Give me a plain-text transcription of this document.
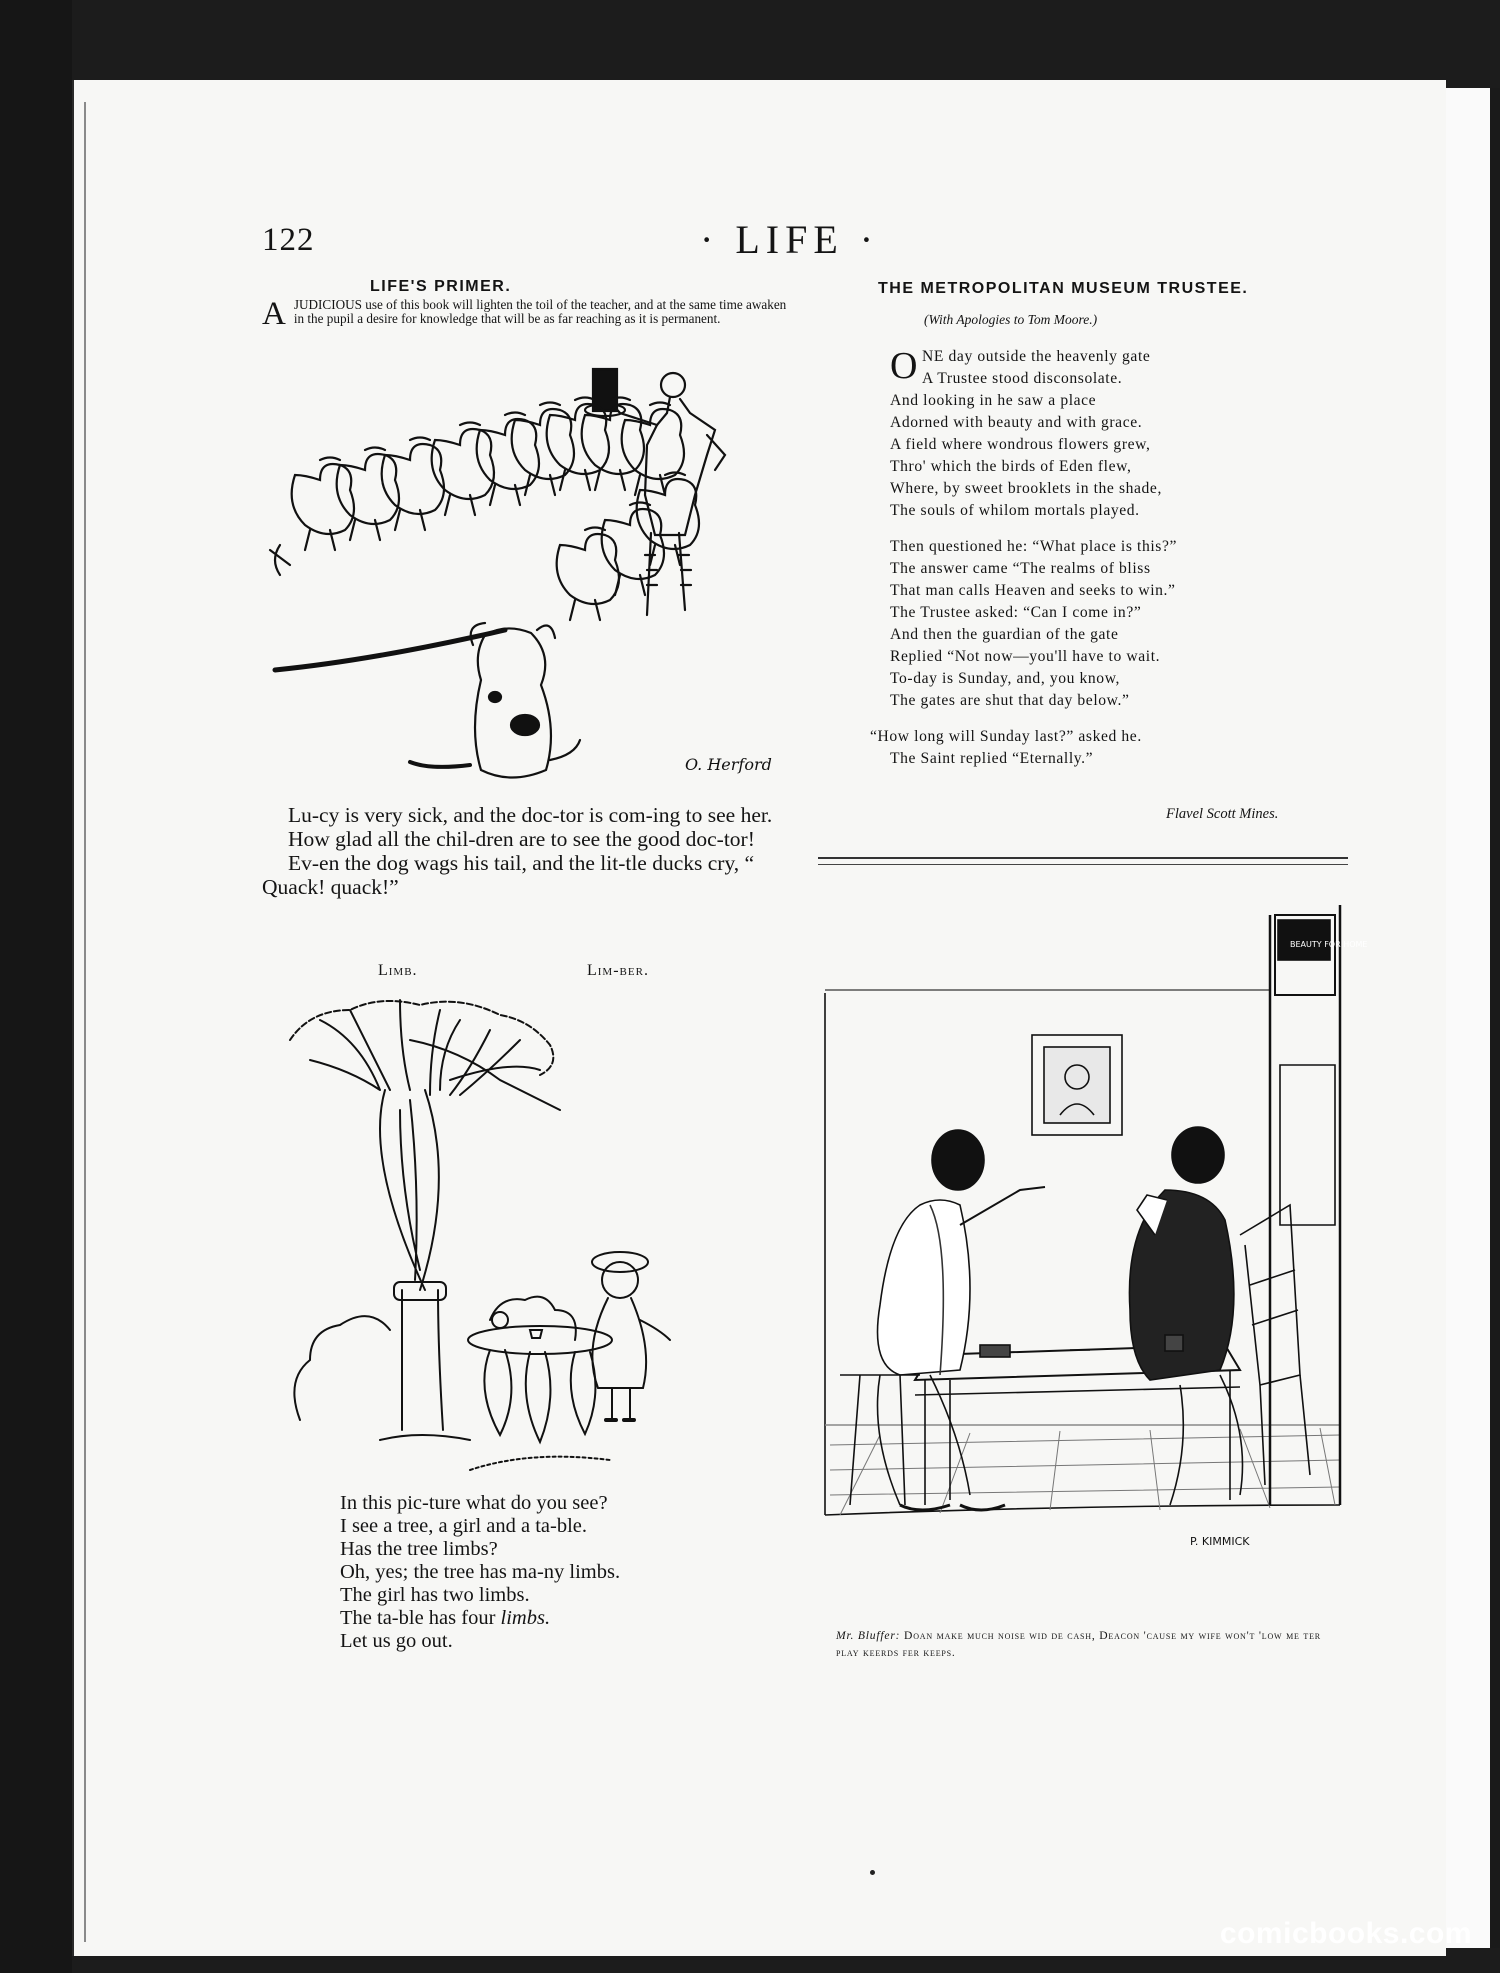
122	· LIFE ·
LIFE'S PRIMER.
A JUDICIOUS use of this book will lighten the toil of the teacher, and at the same time awaken in the pupil a desire for knowledge that will be as far reaching as it is permanent.
O. Herford

Lu-cy is very sick, and the doc-tor is com-ing to see her.

How glad all the chil-dren are to see the good doc-tor!

Ev-en the dog wags his tail, and the lit-tle ducks cry, “ Quack! quack!”

Limb.	Lim-ber.
In this pic-ture what do you see?
I see a tree, a girl and a ta-ble.
Has the tree limbs?
Oh, yes; the tree has ma-ny limbs.
The girl has two limbs.
The ta-ble has four limbs.
Let us go out.
THE METROPOLITAN MUSEUM TRUSTEE.
(With Apologies to Tom Moore.)
O NE day outside the heavenly gate
A Trustee stood disconsolate.
And looking in he saw a place
Adorned with beauty and with grace.
A field where wondrous flowers grew,
Thro' which the birds of Eden flew,
Where, by sweet brooklets in the shade,
The souls of whilom mortals played.
Then questioned he: “What place is this?”
The answer came “The realms of bliss
That man calls Heaven and seeks to win.”
The Trustee asked: “Can I come in?”
And then the guardian of the gate
Replied “Not now—you'll have to wait.
To-day is Sunday, and, you know,
The gates are shut that day below.”
“How long will Sunday last?” asked he.
The Saint replied “Eternally.”
Flavel Scott Mines.
BEAUTY FOR HOME
P. KIMMICK
Mr. Bluffer: Doan make much noise wid de cash, Deacon 'cause my wife won't 'low me ter play keerds fer keeps.
comicbooks.com
